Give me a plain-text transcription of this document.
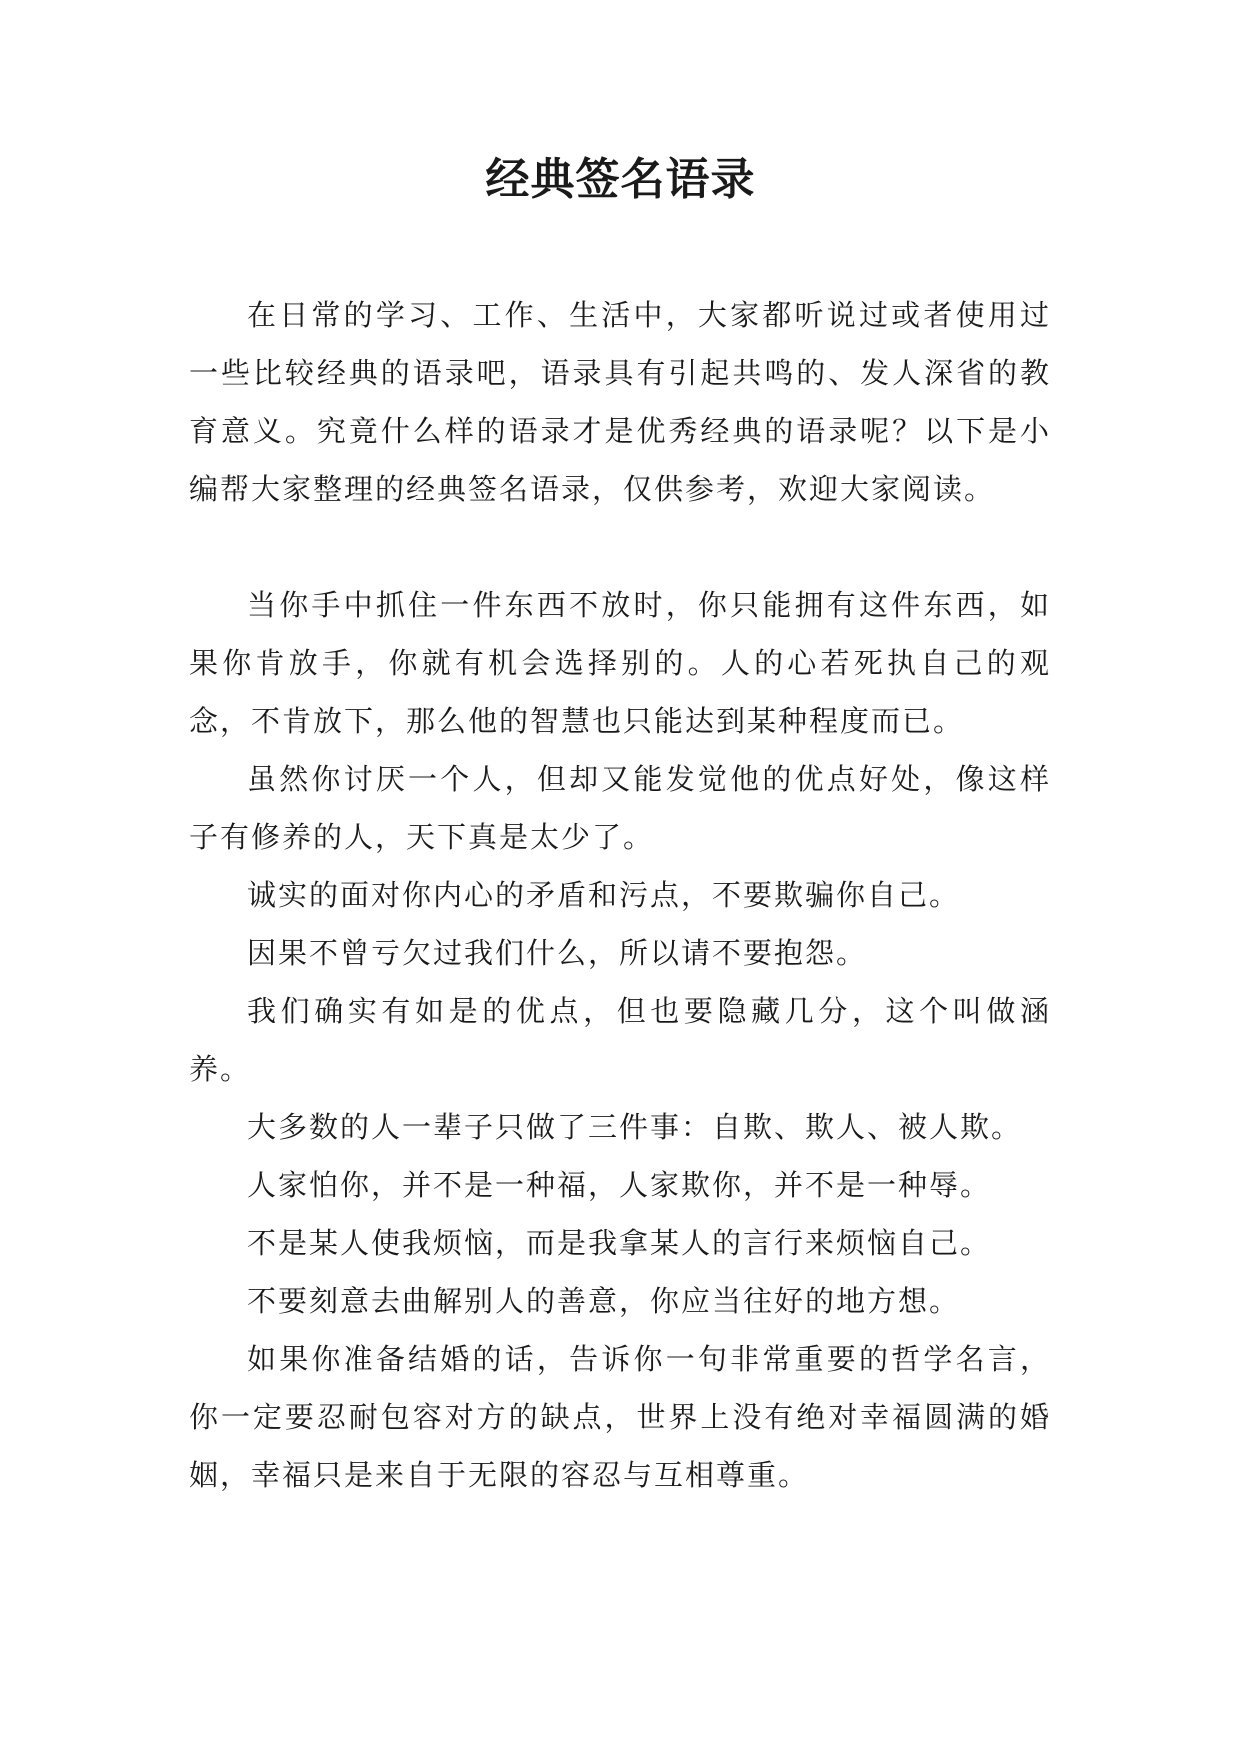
经典签名语录

在日常的学习、工作、生活中，大家都听说过或者使用过一些比较经典的语录吧，语录具有引起共鸣的、发人深省的教育意义。究竟什么样的语录才是优秀经典的语录呢？以下是小编帮大家整理的经典签名语录，仅供参考，欢迎大家阅读。

当你手中抓住一件东西不放时，你只能拥有这件东西，如果你肯放手，你就有机会选择别的。人的心若死执自己的观念，不肯放下，那么他的智慧也只能达到某种程度而已。

虽然你讨厌一个人，但却又能发觉他的优点好处，像这样子有修养的人，天下真是太少了。

诚实的面对你内心的矛盾和污点，不要欺骗你自己。

因果不曾亏欠过我们什么，所以请不要抱怨。

我们确实有如是的优点，但也要隐藏几分，这个叫做涵养。

大多数的人一辈子只做了三件事：自欺、欺人、被人欺。

人家怕你，并不是一种福，人家欺你，并不是一种辱。

不是某人使我烦恼，而是我拿某人的言行来烦恼自己。

不要刻意去曲解别人的善意，你应当往好的地方想。

如果你准备结婚的话，告诉你一句非常重要的哲学名言，你一定要忍耐包容对方的缺点，世界上没有绝对幸福圆满的婚姻，幸福只是来自于无限的容忍与互相尊重。
